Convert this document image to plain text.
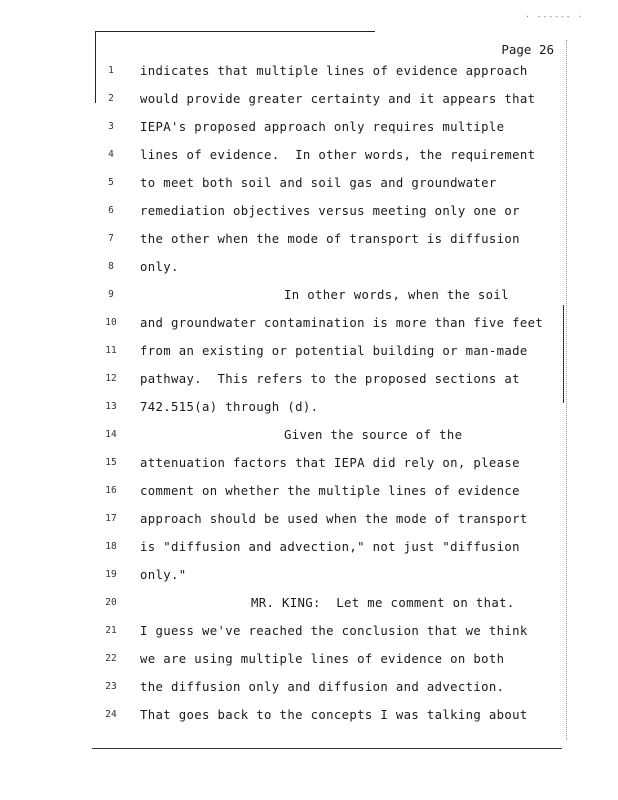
· ------ ·
Page 26
1	indicates that multiple lines of evidence approach
2	would provide greater certainty and it appears that
3	IEPA's proposed approach only requires multiple
4	lines of evidence.  In other words, the requirement
5	to meet both soil and soil gas and groundwater
6	remediation objectives versus meeting only one or
7	the other when the mode of transport is diffusion
8	only.
9	In other words, when the soil
10	and groundwater contamination is more than five feet
11	from an existing or potential building or man-made
12	pathway.  This refers to the proposed sections at
13	742.515(a) through (d).
14	Given the source of the
15	attenuation factors that IEPA did rely on, please
16	comment on whether the multiple lines of evidence
17	approach should be used when the mode of transport
18	is "diffusion and advection," not just "diffusion
19	only."
20	MR. KING:  Let me comment on that.
21	I guess we've reached the conclusion that we think
22	we are using multiple lines of evidence on both
23	the diffusion only and diffusion and advection.
24	That goes back to the concepts I was talking about
